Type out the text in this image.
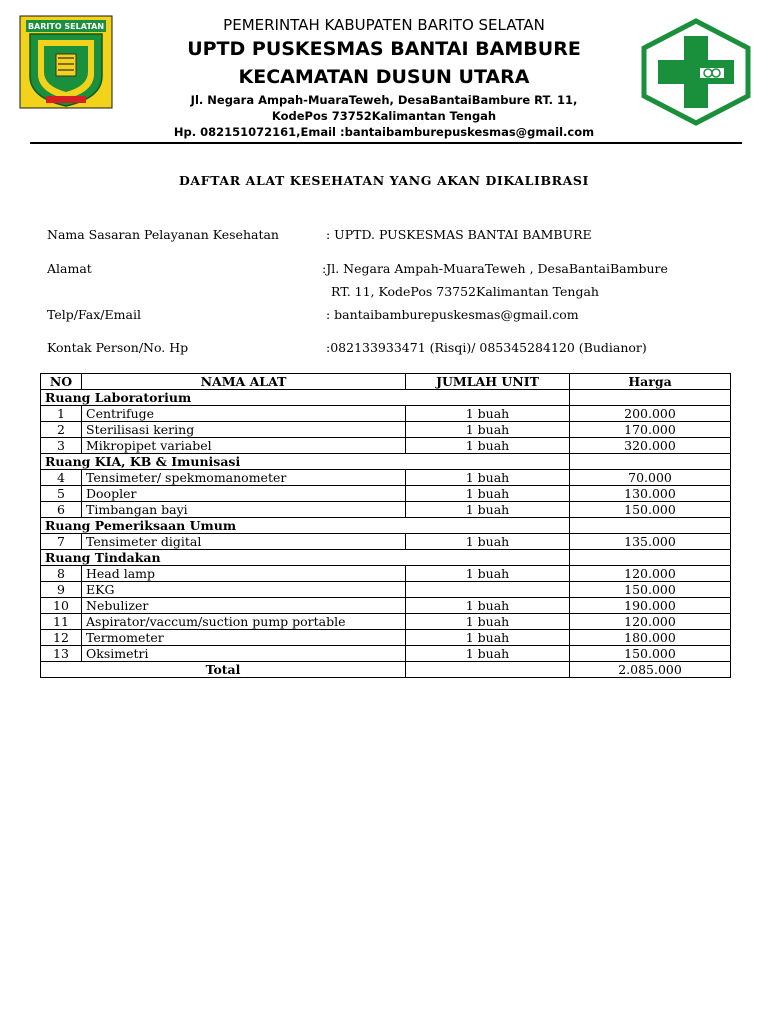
BARITO SELATAN	PEMERINTAH KABUPATEN BARITO SELATAN
UPTD PUSKESMAS BANTAI BAMBURE
KECAMATAN DUSUN UTARA
Jl. Negara Ampah-MuaraTeweh, DesaBantaiBambure RT. 11,
KodePos 73752Kalimantan Tengah
Hp. 082151072161,Email :bantaibamburepuskesmas@gmail.com
DAFTAR ALAT KESEHATAN YANG AKAN DIKALIBRASI
Nama Sasaran Pelayanan Kesehatan	: UPTD. PUSKESMAS BANTAI BAMBURE
Alamat	:Jl. Negara Ampah-MuaraTeweh , DesaBantaiBambure
RT. 11, KodePos 73752Kalimantan Tengah
Telp/Fax/Email	: bantaibamburepuskesmas@gmail.com
Kontak Person/No. Hp	:082133933471 (Risqi)/ 085345284120 (Budianor)
NO	NAMA ALAT	JUMLAH UNIT	Harga
Ruang Laboratorium			
1	Centrifuge	1 buah	200.000
2	Sterilisasi kering	1 buah	170.000
3	Mikropipet variabel	1 buah	320.000
Ruang KIA, KB & Imunisasi			
4	Tensimeter/ spekmomanometer	1 buah	70.000
5	Doopler	1 buah	130.000
6	Timbangan bayi	1 buah	150.000
Ruang Pemeriksaan Umum			
7	Tensimeter digital	1 buah	135.000
Ruang Tindakan			
8	Head lamp	1 buah	120.000
9	EKG		150.000
10	Nebulizer	1 buah	190.000
11	Aspirator/vaccum/suction pump portable	1 buah	120.000
12	Termometer	1 buah	180.000
13	Oksimetri	1 buah	150.000
Total			2.085.000
